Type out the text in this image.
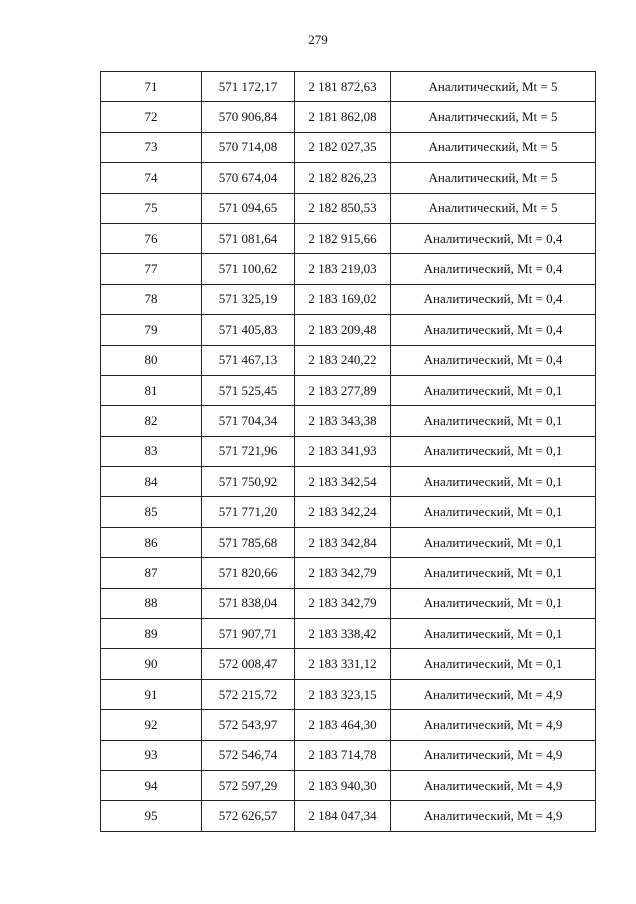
279
71	571 172,17	2 181 872,63	Аналитический, Mt = 5
72	570 906,84	2 181 862,08	Аналитический, Mt = 5
73	570 714,08	2 182 027,35	Аналитический, Mt = 5
74	570 674,04	2 182 826,23	Аналитический, Mt = 5
75	571 094,65	2 182 850,53	Аналитический, Mt = 5
76	571 081,64	2 182 915,66	Аналитический, Mt = 0,4
77	571 100,62	2 183 219,03	Аналитический, Mt = 0,4
78	571 325,19	2 183 169,02	Аналитический, Mt = 0,4
79	571 405,83	2 183 209,48	Аналитический, Mt = 0,4
80	571 467,13	2 183 240,22	Аналитический, Mt = 0,4
81	571 525,45	2 183 277,89	Аналитический, Mt = 0,1
82	571 704,34	2 183 343,38	Аналитический, Mt = 0,1
83	571 721,96	2 183 341,93	Аналитический, Mt = 0,1
84	571 750,92	2 183 342,54	Аналитический, Mt = 0,1
85	571 771,20	2 183 342,24	Аналитический, Mt = 0,1
86	571 785,68	2 183 342,84	Аналитический, Mt = 0,1
87	571 820,66	2 183 342,79	Аналитический, Mt = 0,1
88	571 838,04	2 183 342,79	Аналитический, Mt = 0,1
89	571 907,71	2 183 338,42	Аналитический, Mt = 0,1
90	572 008,47	2 183 331,12	Аналитический, Mt = 0,1
91	572 215,72	2 183 323,15	Аналитический, Mt = 4,9
92	572 543,97	2 183 464,30	Аналитический, Mt = 4,9
93	572 546,74	2 183 714,78	Аналитический, Mt = 4,9
94	572 597,29	2 183 940,30	Аналитический, Mt = 4,9
95	572 626,57	2 184 047,34	Аналитический, Mt = 4,9
